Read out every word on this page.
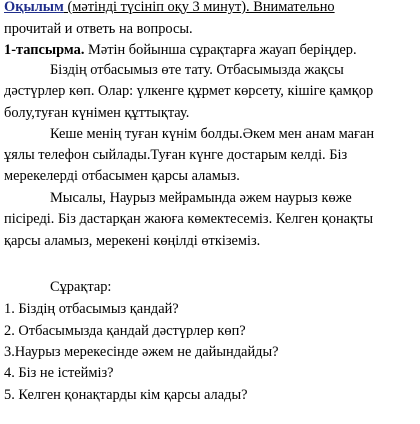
Оқылым (мәтінді түсініп оқу 3 минут). Внимательно
прочитай и ответь на вопросы.
1-тапсырма. Мәтін бойынша сұрақтарға жауап беріңдер.
Біздің отбасымыз өте тату. Отбасымызда жақсы
дәстүрлер көп. Олар: үлкенге құрмет көрсету, кішіге қамқор
болу,туған күнімен құттықтау.
Кеше менің туған күнім болды.Әкем мен анам маған
ұялы телефон сыйлады.Туған күнге достарым келді. Біз
мерекелерді отбасымен қарсы аламыз.
Мысалы, Наурыз мейрамында әжем наурыз көже
пісіреді. Біз дастарқан жаюға көмектесеміз. Келген қонақты
қарсы аламыз, мерекені көңілді өткіземіз.
Сұрақтар:
1. Біздің отбасымыз қандай?
2. Отбасымызда қандай дәстүрлер көп?
3.Наурыз мерекесінде әжем не дайындайды?
4. Біз не істейміз?
5. Келген қонақтарды кім қарсы алады?
